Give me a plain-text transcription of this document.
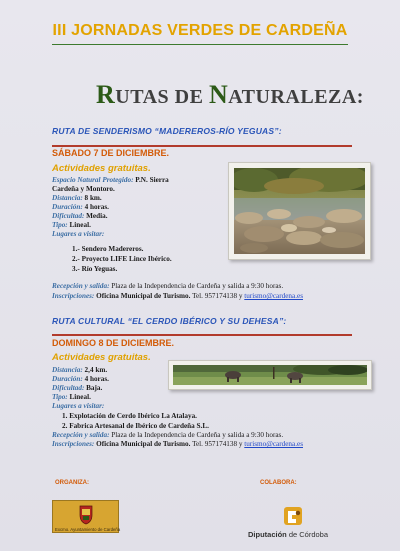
III JORNADAS VERDES DE CARDEÑA
RUTAS DE NATURALEZA:
RUTA DE SENDERISMO “MADEREROS-RÍO YEGUAS”:
SÁBADO 7 DE DICIEMBRE.
Actividades gratuitas.
Espacio Natural Protegido: P.N. Sierra
Cardeña y Montoro.
Distancia: 8 km.
Duración: 4 horas.
Dificultad: Media.
Tipo: Lineal.
Lugares a visitar:
1.- Sendero Madereros.
2.- Proyecto LIFE Lince Ibérico.
3.- Río Yeguas.
Recepción y salida: Plaza de la Independencia de Cardeña y salida a 9:30 horas.
Inscripciones: Oficina Municipal de Turismo. Tel. 957174138 y turismo@cardena.es
RUTA CULTURAL “EL CERDO IBÉRICO Y SU DEHESA”:
DOMINGO 8 DE DICIEMBRE.
Actividades gratuitas.
Distancia: 2,4 km.
Duración: 4 horas.
Dificultad: Baja.
Tipo: Lineal.
Lugares a visitar:
1. Explotación de Cerdo Ibérico La Atalaya.
2. Fabrica Artesanal de Ibérico de Cardeña S.L.
Recepción y salida: Plaza de la Independencia de Cardeña y salida a 9:30 horas.
Inscripciones: Oficina Municipal de Turismo. Tel. 957174138 y turismo@cardena.es
ORGANIZA:	COLABORA:
Excmo. Ayuntamiento de Cardeña
Diputación de Córdoba
